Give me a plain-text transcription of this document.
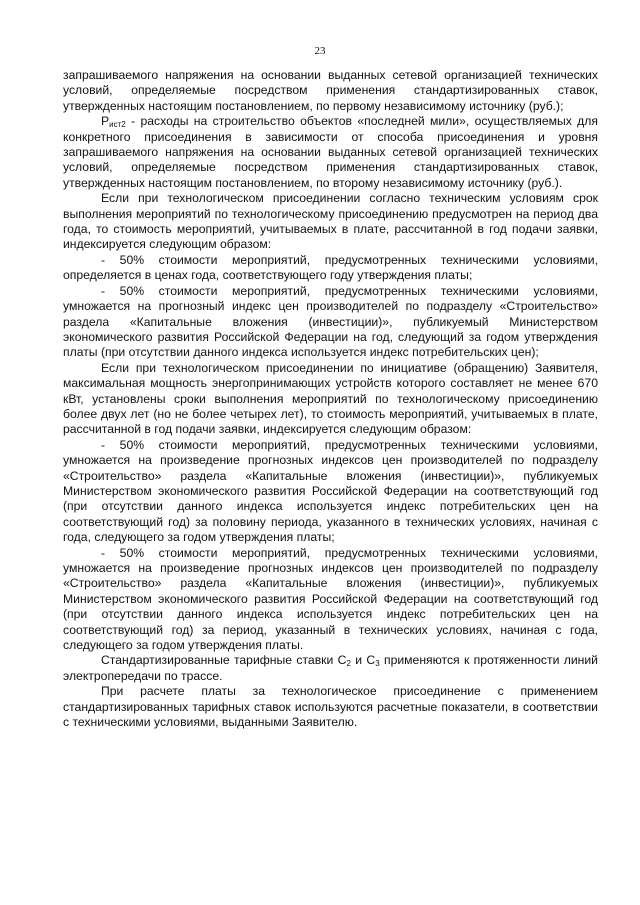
23

запрашиваемого напряжения на основании выданных сетевой организацией технических условий, определяемые посредством применения стандартизированных ставок, утвержденных настоящим постановлением, по первому независимому источнику (руб.);

$P_{ист2}$ - расходы на строительство объектов «последней мили», осуществляемых для конкретного присоединения в зависимости от способа присоединения и уровня запрашиваемого напряжения на основании выданных сетевой организацией технических условий, определяемые посредством применения стандартизированных ставок, утвержденных настоящим постановлением, по второму независимому источнику (руб.).

Если при технологическом присоединении согласно техническим условиям срок выполнения мероприятий по технологическому присоединению предусмотрен на период два года, то стоимость мероприятий, учитываемых в плате, рассчитанной в год подачи заявки, индексируется следующим образом:

- 50% стоимости мероприятий, предусмотренных техническими условиями, определяется в ценах года, соответствующего году утверждения платы;

- 50% стоимости мероприятий, предусмотренных техническими условиями, умножается на прогнозный индекс цен производителей по подразделу «Строительство» раздела «Капитальные вложения (инвестиции)», публикуемый Министерством экономического развития Российской Федерации на год, следующий за годом утверждения платы (при отсутствии данного индекса используется индекс потребительских цен);

Если при технологическом присоединении по инициативе (обращению) Заявителя, максимальная мощность энергопринимающих устройств которого составляет не менее 670 кВт, установлены сроки выполнения мероприятий по технологическому присоединению более двух лет (но не более четырех лет), то стоимость мероприятий, учитываемых в плате, рассчитанной в год подачи заявки, индексируется следующим образом:

- 50% стоимости мероприятий, предусмотренных техническими условиями, умножается на произведение прогнозных индексов цен производителей по подразделу «Строительство» раздела «Капитальные вложения (инвестиции)», публикуемых Министерством экономического развития Российской Федерации на соответствующий год (при отсутствии данного индекса используется индекс потребительских цен на соответствующий год) за половину периода, указанного в технических условиях, начиная с года, следующего за годом утверждения платы;

- 50% стоимости мероприятий, предусмотренных техническими условиями, умножается на произведение прогнозных индексов цен производителей по подразделу «Строительство» раздела «Капитальные вложения (инвестиции)», публикуемых Министерством экономического развития Российской Федерации на соответствующий год (при отсутствии данного индекса используется индекс потребительских цен на соответствующий год) за период, указанный в технических условиях, начиная с года, следующего за годом утверждения платы.

Стандартизированные тарифные ставки $C_2$ и $C_3$ применяются к протяженности линий электропередачи по трассе.

При расчете платы за технологическое присоединение с применением стандартизированных тарифных ставок используются расчетные показатели, в соответствии с техническими условиями, выданными Заявителю.
